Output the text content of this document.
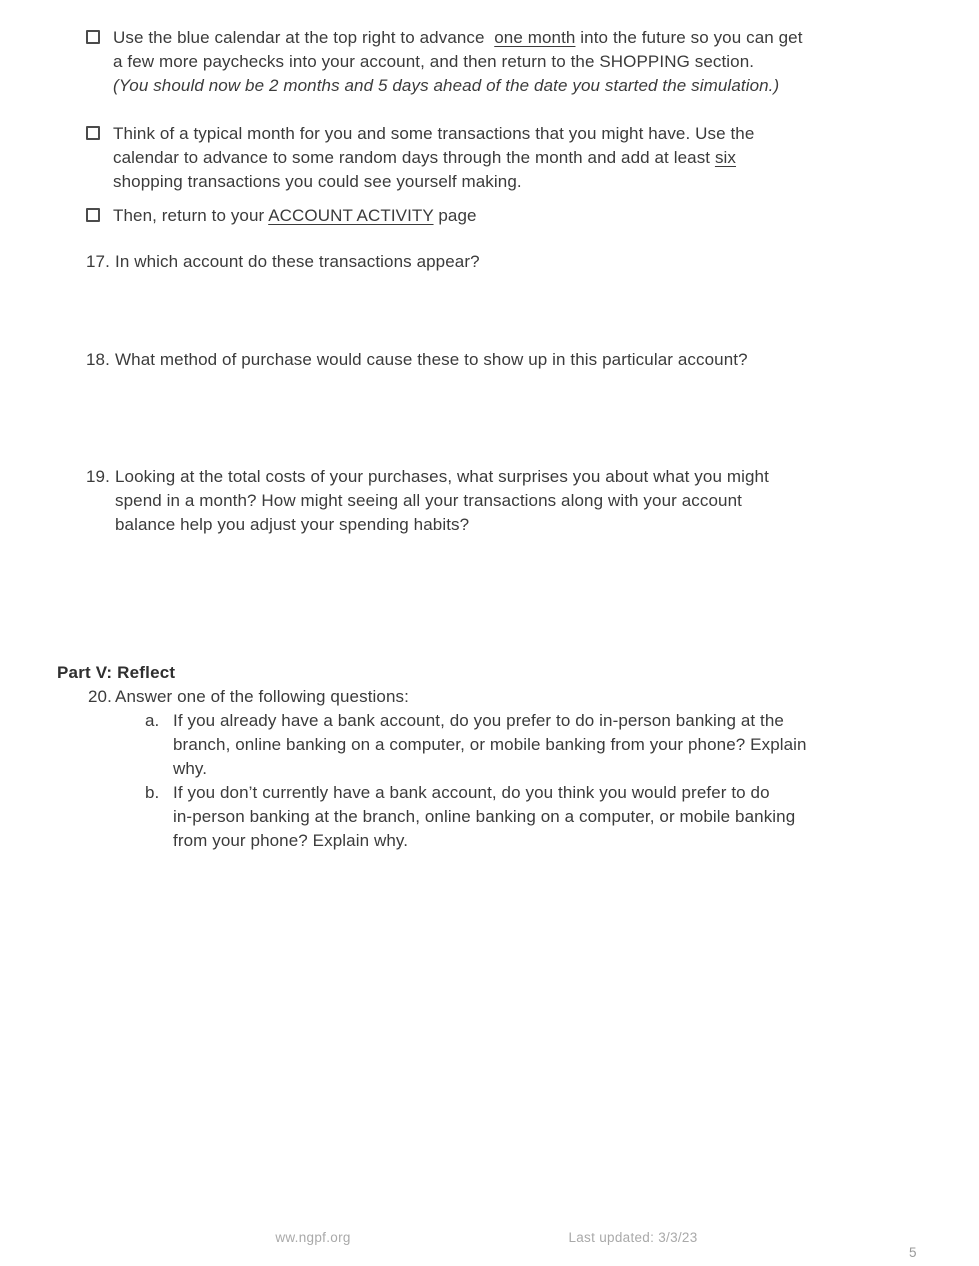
Use the blue calendar at the top right to advance  one month into the future so you can get
a few more paychecks into your account, and then return to the SHOPPING section.
(You should now be 2 months and 5 days ahead of the date you started the simulation.)
Think of a typical month for you and some transactions that you might have. Use the
calendar to advance to some random days through the month and add at least six
shopping transactions you could see yourself making.
Then, return to your ACCOUNT ACTIVITY page
17. In which account do these transactions appear?
18. What method of purchase would cause these to show up in this particular account?
19. Looking at the total costs of your purchases, what surprises you about what you might
spend in a month? How might seeing all your transactions along with your account
balance help you adjust your spending habits?
Part V: Reflect
20. Answer one of the following questions:
a. If you already have a bank account, do you prefer to do in-person banking at the
branch, online banking on a computer, or mobile banking from your phone? Explain
why.
b. If you don’t currently have a bank account, do you think you would prefer to do
in-person banking at the branch, online banking on a computer, or mobile banking
from your phone? Explain why.
ww.ngpf.org	Last updated: 3/3/23
5
